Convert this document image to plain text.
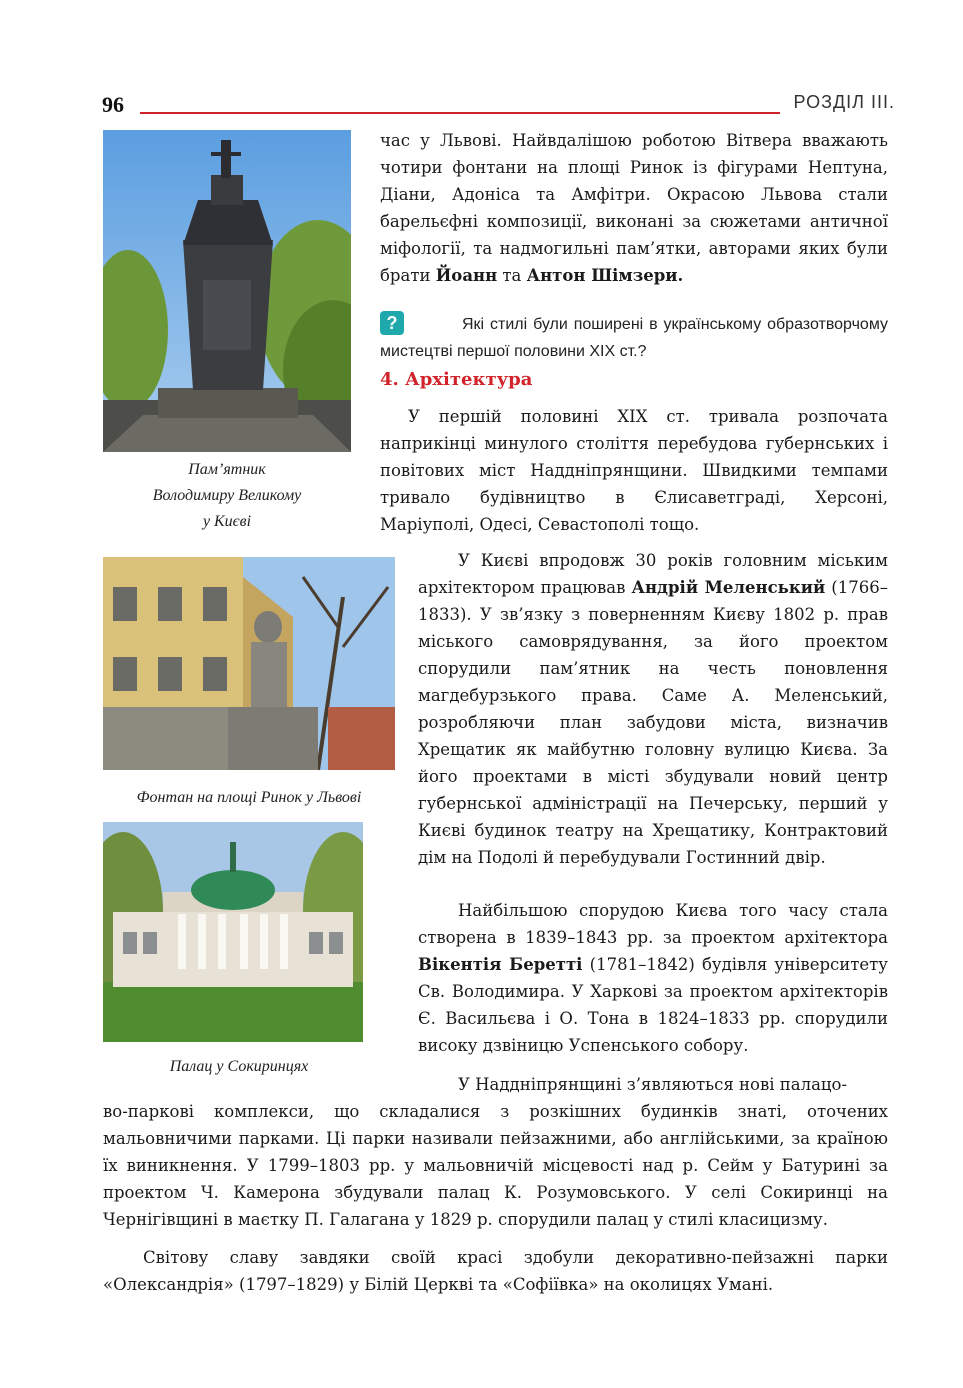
96	РОЗДІЛ ІІІ.
Пам’ятник
Володимиру Великому
у Києві
Фонтан на площі Ринок у Львові
Палац у Сокиринцях

час у Львові. Найвдалішою роботою Вітвера вважають чотири фонтани на площі Ринок із фігурами Нептуна, Діани, Адоніса та Амфітри. Окрасою Львова стали барельєфні композиції, виконані за сюжетами античної міфології, та надмогильні пам’ятки, авторами яких були брати Йоанн та Антон Шімзери.

?	Які стилі були поширені в українському образотворчому мистецтві першої половини ХІХ ст.?

4. Архітектура

У першій половині ХІХ ст. тривала розпочата наприкінці минулого століття перебудова губернських і повітових міст Наддніпрянщини. Швидкими темпами тривало будівництво в Єлисаветграді, Херсоні, Маріуполі, Одесі, Севастополі тощо.

У Києві впродовж 30 років головним міським архітектором працював Андрій Меленський (1766–1833). У зв’язку з поверненням Києву 1802 р. прав міського самоврядування, за його проектом спорудили пам’ятник на честь поновлення магдебурзького права. Саме А. Меленський, розробляючи план забудови міста, визначив Хрещатик як майбутню головну вулицю Києва. За його проектами в місті збудували новий центр губернської адміністрації на Печерську, перший у Києві будинок театру на Хрещатику, Контрактовий дім на Подолі й перебудували Гостинний двір.

Найбільшою спорудою Києва того часу стала створена в 1839–1843 рр. за проектом архітектора Вікентія Беретті (1781–1842) будівля університету Св. Володимира. У Харкові за проектом архітекторів Є. Васильєва і О. Тона в 1824–1833 рр. спорудили високу дзвіницю Успенського собору.

У Наддніпрянщині з’являються нові палацо-

во-паркові комплекси, що складалися з розкішних будинків знаті, оточених мальовничими парками. Ці парки називали пейзажними, або англійськими, за країною їх виникнення. У 1799–1803 рр. у мальовничій місцевості над р. Сейм у Батурині за проектом Ч. Камерона збудували палац К. Розумовського. У селі Сокиринці на Чернігівщині в маєтку П. Галагана у 1829 р. спорудили палац у стилі класицизму.

Світову славу завдяки своїй красі здобули декоративно-пейзажні парки «Олександрія» (1797–1829) у Білій Церкві та «Софіївка» на околицях Умані.
